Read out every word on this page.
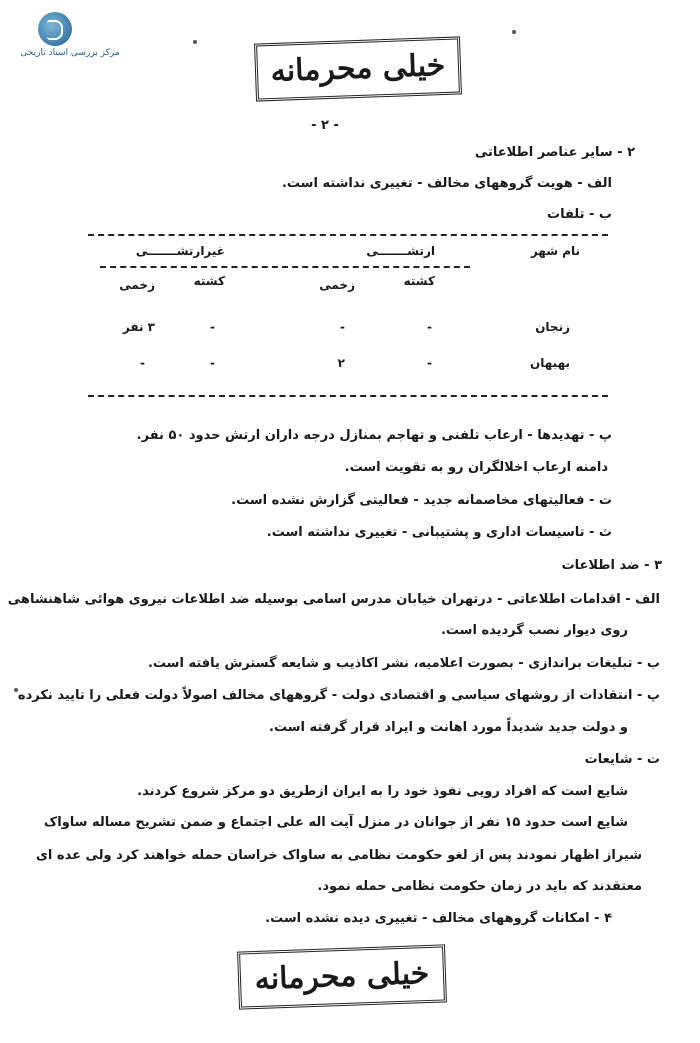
مرکز بررسی اسناد تاریخی	خیلی محرمانه
- ۲ -
۲ - سایر عناصر اطلاعاتی
الف - هویت گروههای مخالف - تغییری نداشته است.
ب - تلفات
نام شهر
ارتشـــــــی
غیرارتشـــــــی
کشته
زخمی
کشته
زخمی
زنجان
-
-
-
۳ نفر
بهبهان
-
۲
-
-
پ - تهدیدها - ارعاب تلفنی و تهاجم بمنازل درجه داران ارتش حدود ۵۰ نفر.
دامنه ارعاب اخلالگران رو به تقویت است.
ت - فعالیتهای مخاصمانه جدید - فعالیتی گزارش نشده است.
ث - تاسیسات اداری و پشتیبانی - تغییری نداشته است.
۳ - ضد اطلاعات
الف - اقدامات اطلاعاتی - درتهران خیابان مدرس اسامی بوسیله ضد اطلاعات نیروی هوائی شاهنشاهی
روی دیوار نصب گردیده است.
ب - تبلیغات براندازی - بصورت اعلامیه، نشر اکاذیب و شایعه گسترش یافته است.
پ - انتقادات از روشهای سیاسی و اقتصادی دولت - گروههای مخالف اصولاً دولت فعلی را تایید نکرده
و دولت جدید شدیداً مورد اهانت و ایراد قرار گرفته است.
ت - شایعات
شایع است که افراد رویی نفوذ خود را به ایران ازطریق دو مرکز شروع کردند.
شایع است حدود ۱۵ نفر از جوانان در منزل آیت اله علی اجتماع و ضمن تشریح مساله ساواک
شیراز اظهار نمودند پس از لغو حکومت نظامی به ساواک خراسان حمله خواهند کرد ولی عده ای
معتقدند که باید در زمان حکومت نظامی حمله نمود.
۴ - امکانات گروههای مخالف - تغییری دیده نشده است.
خیلی محرمانه
